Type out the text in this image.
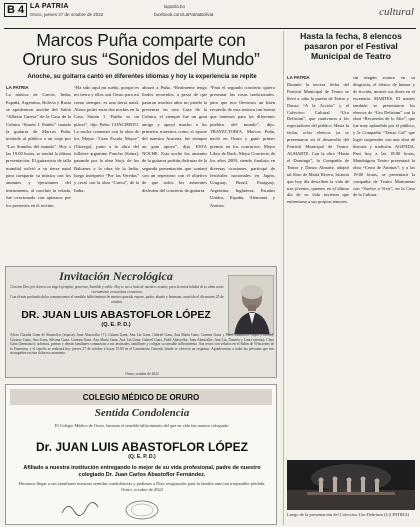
B 4 LA PATRIA
Oruro, jueves 27 de octubre de 2022
lapatria.bo
facebook.com/LaPatriaBolivia	cultural
Marcos Puña comparte con
Oruro sus “Sonidos del Mundo”
Anoche, su guitarra cantó en diferentes idiomas y hoy la experiencia se repite

LA PATRIA

La música de Grecia, India, España, Argentina, Bolivia y Rusia se apoderaron anoche del Salón “Alberto Guerra” de la Casa de la Cultura “Simón I. Patiño” cuando la guitarra de Marcos Puña, invitado al público a un viaje por “Los Sonidos del mundo”. Hoy a las 19:00 horas, se tendrá la última presentación. El guitarrista de talla mundial volvió a su tierra natal para compartir su música con los amantes y ejecutantes del instrumento, al concluir la velada, fue ovacionado con aplausos por los presentes en el recinto.

“Ha sido aquí mi sueño, porque es mi tierra y ellos son Oruro para mi como siempre, es una tierra natal. Ahora poder estar dos noches en la Casa Simón I. Patiño es un placer”, dijo Puña. CONCIERTO. La noche comenzó con la obra de los Mayas “Gran Escala Mayor” (Tárrega), junto a la obra del folklore argentino Poncho (Sainz), pasando por la obra Stoji, de los Balcanes y la obra de la India, luego interpretó “Por las Veredas” y cerró con la obra “Cueca”, de la India.

abrazó a Puña. “Realmente tengo lindos recuerdos, a pesar de que pasaron muchos años no pierdo la presencia en esta Casa de la Cultura, el siempre fue un gran amigo y apoyó mucho a los primeros maestros como el aporte del maestro Aracena, fue siempre un gran apoyo”, dijo. ESTA NOCHE. Esta noche los amantes de la guitarra podrán disfrutar de la segunda presentación que contará con un repertorio con el objetivo de que todos los asistentes disfruten del concierto de guitarra.

“Para el segundo concierto quiero presentar las cosas tradicionales, para que nos llevemos un buen recuerdo de esta música tan bonita que tenemos para los diferentes pueblos del mundo”, dijo. TRAYECTORIA. Marcos Puña, nació en Oruro y ganó primer premio en los concursos: Mejor Libro de Bach, Mejor Concierto de los años 2009, siendo finalista en diversas ocasiones, participó de festivales nacionales en Japón, Uruguay, Brasil, Paraguay, Argentina, Inglaterra, Estados Unidos, España, Alemania y Austria.

Invitación Necrológica
Gracias Dios por darnos un ángel ejemplar, generoso, humilde y noble. Hoy te vas a lado de nuestro creador, para la inmortalidad de tu alma serás eternamente en nuestros corazones.
Con el más profundo dolor comunicamos el sensible fallecimiento de nuestro querido esposo, padre, abuelo y hermano, acaecido el día martes 25 de octubre.
DR. JUAN LUIS ABASTOFLOR LÓPEZ
(Q. E. P. D.)
Alicia Claudia Ganz de Abastoflor (esposa); Juan Abastoflor (†); Liliana Ganz, Ana Lía Ganz, Gabriel Ganz, Ana María Ganz, Carmen Ganz y Fidel Abastoflor (hijos y nietos); Gustavo Ganz, Ana Ganz, Silvana Ganz, Carmen Ganz, Ana María Ganz, Ana Lía Ganz; Gabriel Ganz, Fidel Abastoflor, Juan Abastoflor; Ana Lía, Daniela y Laura (nietas), Clara Ganz (hermanos); sobrinos, primos y demás familiares comunican a sus amistades, familiares y colegas su sensible fallecimiento. Sus restos son velados en el Salón de Velaciones de la Funeraria, y el sepelio se realizará hoy jueves 27 de octubre a horas 15:00 en el Cementerio General, donde se ofrecerá un responso. Agradecemos a todas las personas que nos acompañen en este doloroso momento.
Oruro, octubre de 2022
COLEGIO MÉDICO DE ORURO
Sentida Condolencia
El Colegio Médico de Oruro, lamenta el sensible fallecimiento del que en vida fue nuestro colegiado:
Dr. JUAN LUIS ABASTOFLOR LÓPEZ
(Q. E. P. D.)
Afiliado a nuestra institución entregando lo mejor de su vida profesional, padre de nuestro colegiado Dr. Juan Carlos Abastoflor Fernández.
Hacemos llegar a sus familiares nuestras sentidas condolencias y pedimos a Dios resignación para la familia ante tan irreparable pérdida. Oruro, octubre de 2022
Hasta la fecha, 8 elencos pasaron por el Festival Municipal de Teatro

LA PATRIA

Durante la tercera fecha del Festival Municipal de Teatro se llevó a cabo la puesta de Teatro y Danza “A la Acción” y el Colectivo Cultural “Uru Delirium”, que cautivaron a los espectadores del público. Hasta la fecha, ocho elencos ya se presentaron en el desarrollo del Festival Municipal de Teatro. ALMARTE. Con la obra “Hasta el Domingo”, la Compañía de Teatro y Danza Almarte, adaptó tal libro de María Rivera, historia que hoy día describen la vida de tres jóvenes, quienes en el último día de su vida tuvieron que enfrentarse a sus propios temores.

sin ningún avance en su desgracia, el elenco de humor y de ficción, mostró sus dotes en el escenario. MARTES. El martes también se presentaron los elencos de “Uru Delirium” con la obra “Recuerdos de lo Alto”, que fue muy aplaudida por el público, y la Compañía “Teatro Cal” que logró sorprender con una obra de historia y tradición. AGENDA. Para hoy a las 18:00 horas, Mandrágora Teatro presentará la obra “Cerro de Animas”; y a las 19:00 horas, se presentará la compañía de Teatro Marionetas con “Vuelve a Vivir”, en la Casa de la Cultura.

Luego de la presentación del Colectivo Uru Delirium (LA PATRIA)
